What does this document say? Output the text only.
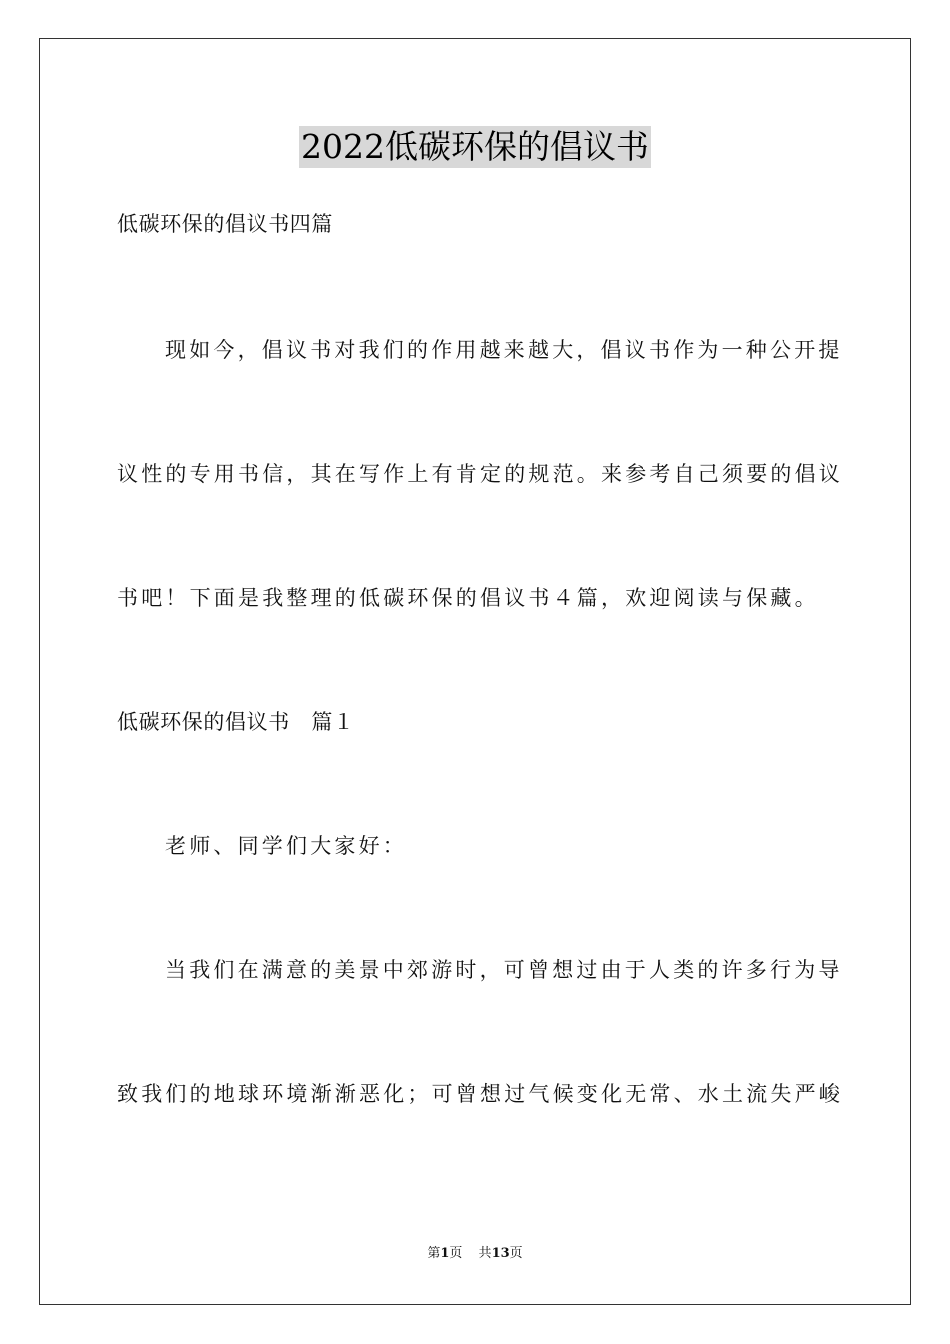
2022低碳环保的倡议书
低碳环保的倡议书四篇
现如今，倡议书对我们的作用越来越大，倡议书作为一种公开提
议性的专用书信，其在写作上有肯定的规范。来参考自己须要的倡议
书吧！下面是我整理的低碳环保的倡议书４篇，欢迎阅读与保藏。
低碳环保的倡议书　篇１
老师、同学们大家好：
当我们在满意的美景中郊游时，可曾想过由于人类的许多行为导
致我们的地球环境渐渐恶化；可曾想过气候变化无常、水土流失严峻
第1页 共13页
